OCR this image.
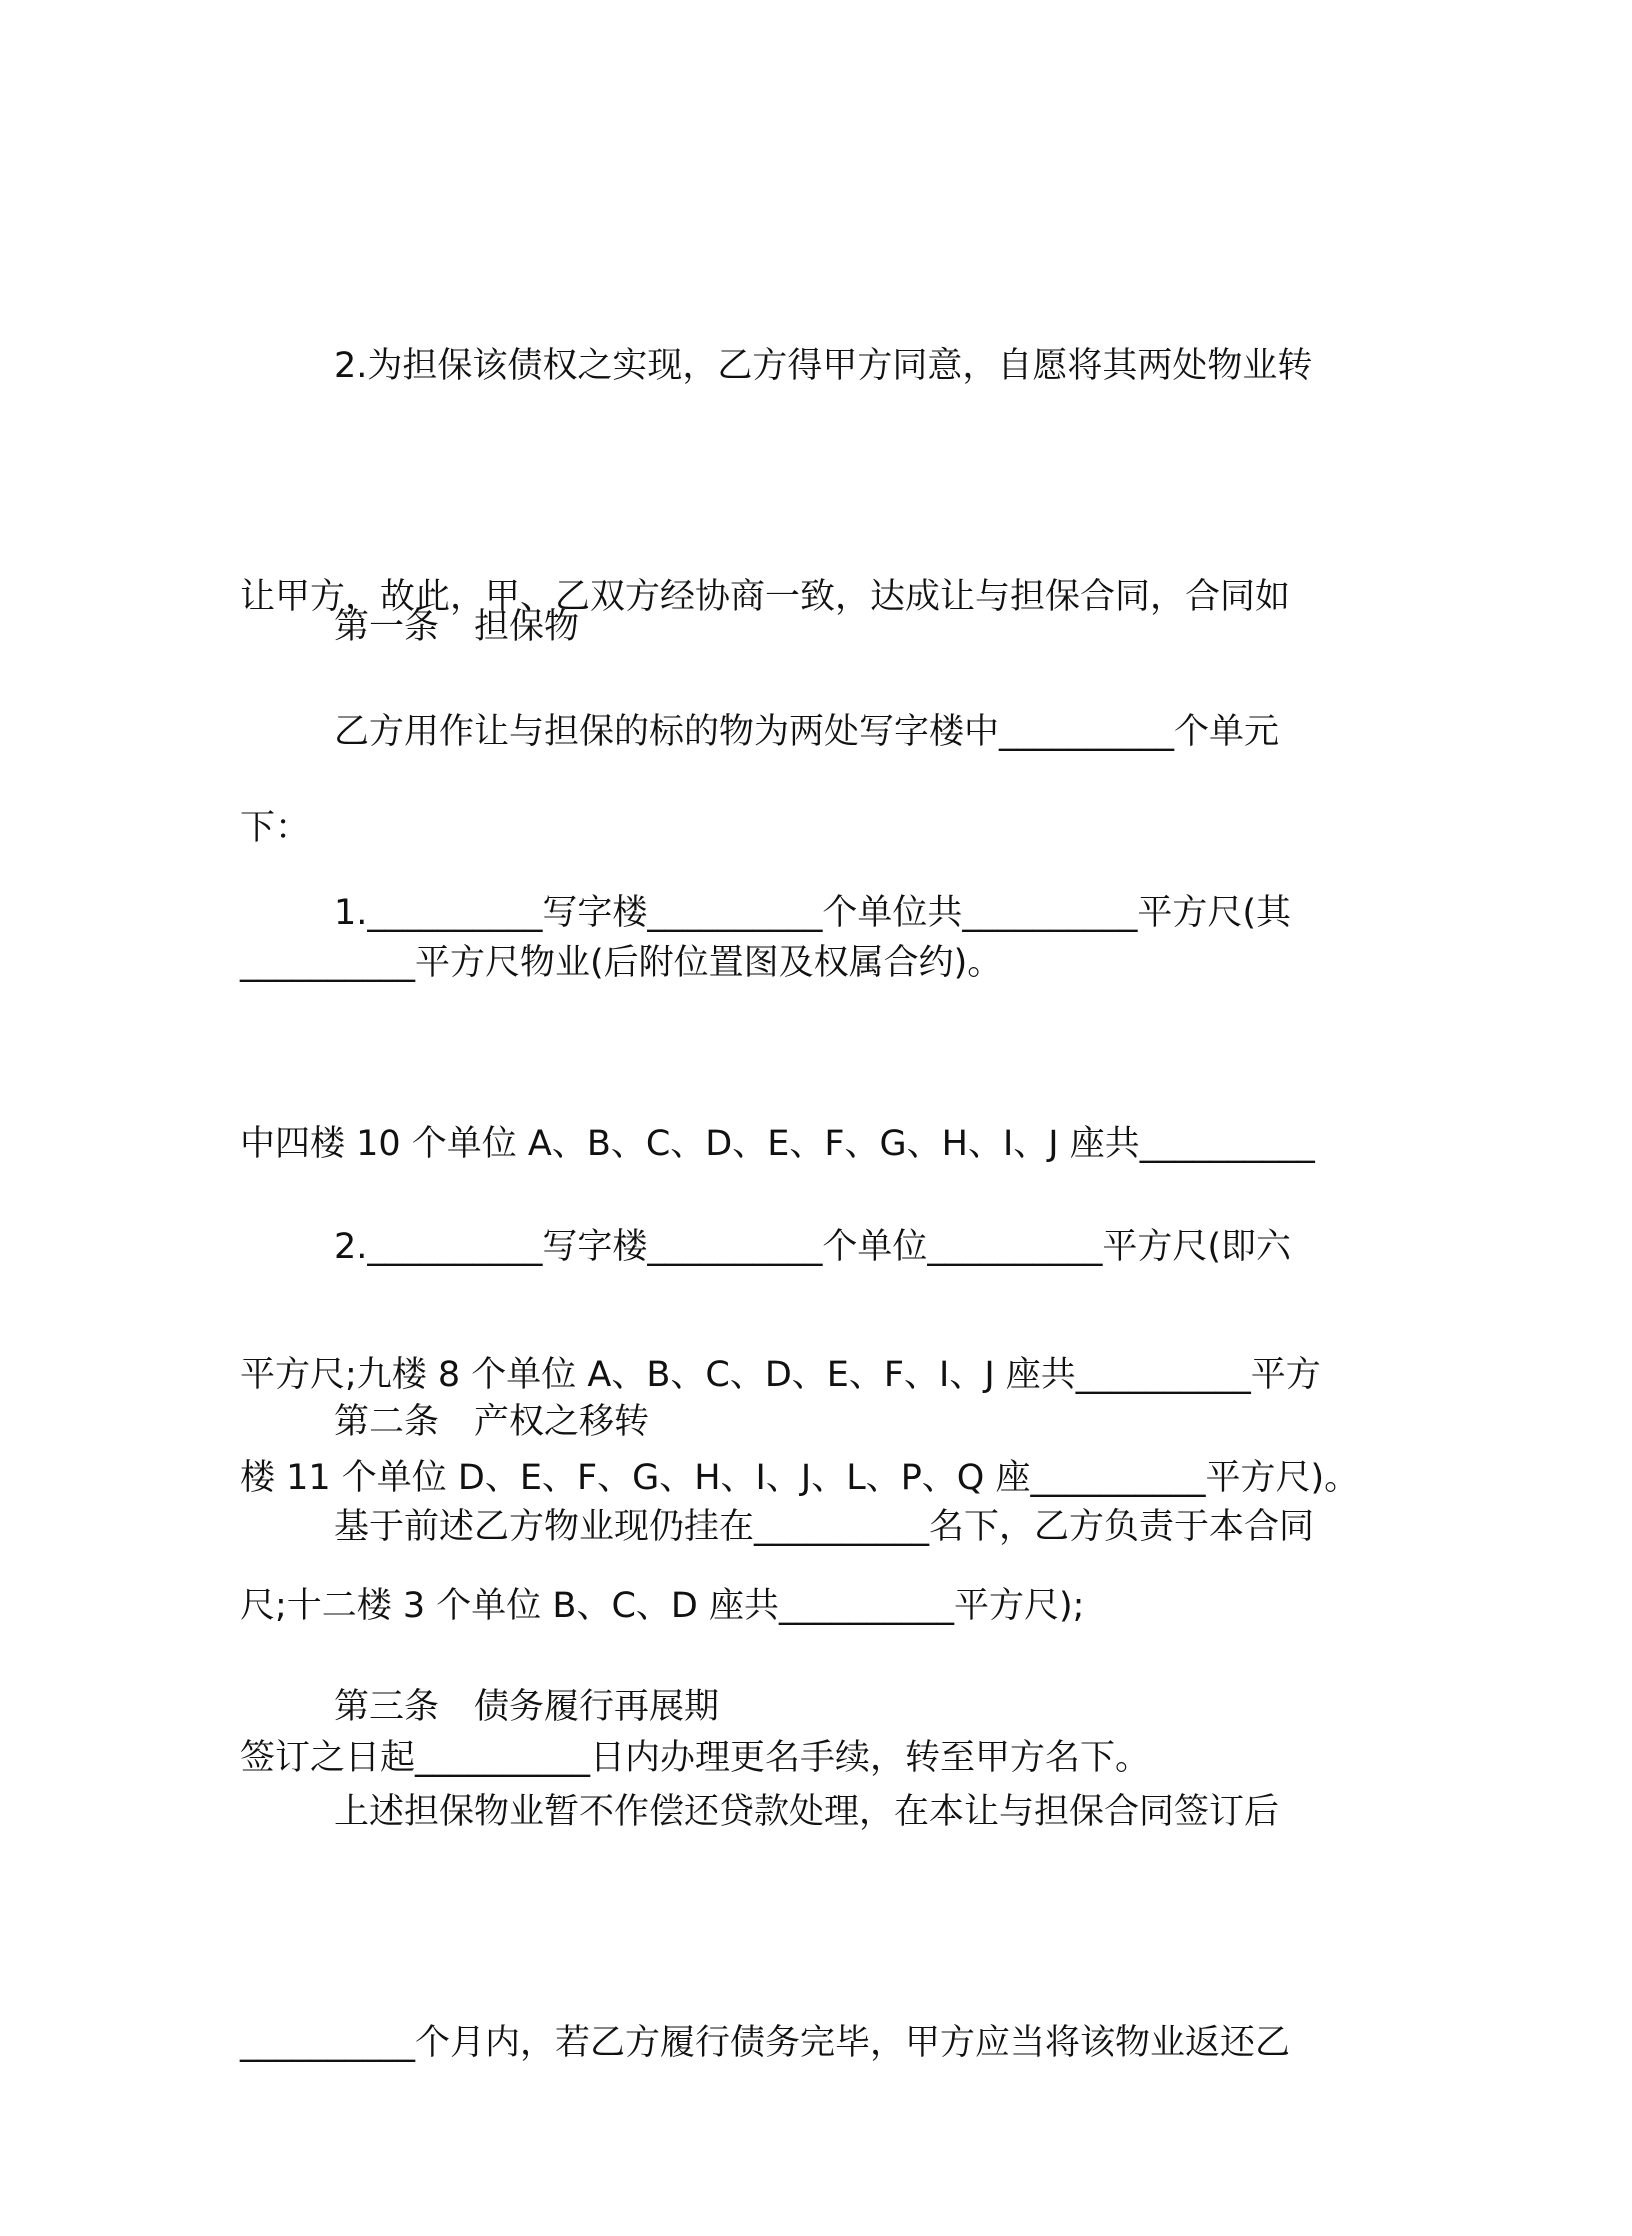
2.为担保该债权之实现，乙方得甲方同意，自愿将其两处物业转

让甲方，故此，甲、乙双方经协商一致，达成让与担保合同，合同如

下：

第一条　担保物

乙方用作让与担保的标的物为两处写字楼中__________个单元

__________平方尺物业(后附位置图及权属合约)。

1.__________写字楼__________个单位共__________平方尺(其

中四楼 10 个单位 A、B、C、D、E、F、G、H、I、J 座共__________

平方尺;九楼 8 个单位 A、B、C、D、E、F、I、J 座共__________平方

尺;十二楼 3 个单位 B、C、D 座共__________平方尺);

2.__________写字楼__________个单位__________平方尺(即六

楼 11 个单位 D、E、F、G、H、I、J、L、P、Q 座__________平方尺)。

第二条　产权之移转

基于前述乙方物业现仍挂在__________名下，乙方负责于本合同

签订之日起__________日内办理更名手续，转至甲方名下。

第三条　债务履行再展期

上述担保物业暂不作偿还贷款处理，在本让与担保合同签订后

__________个月内，若乙方履行债务完毕，甲方应当将该物业返还乙
